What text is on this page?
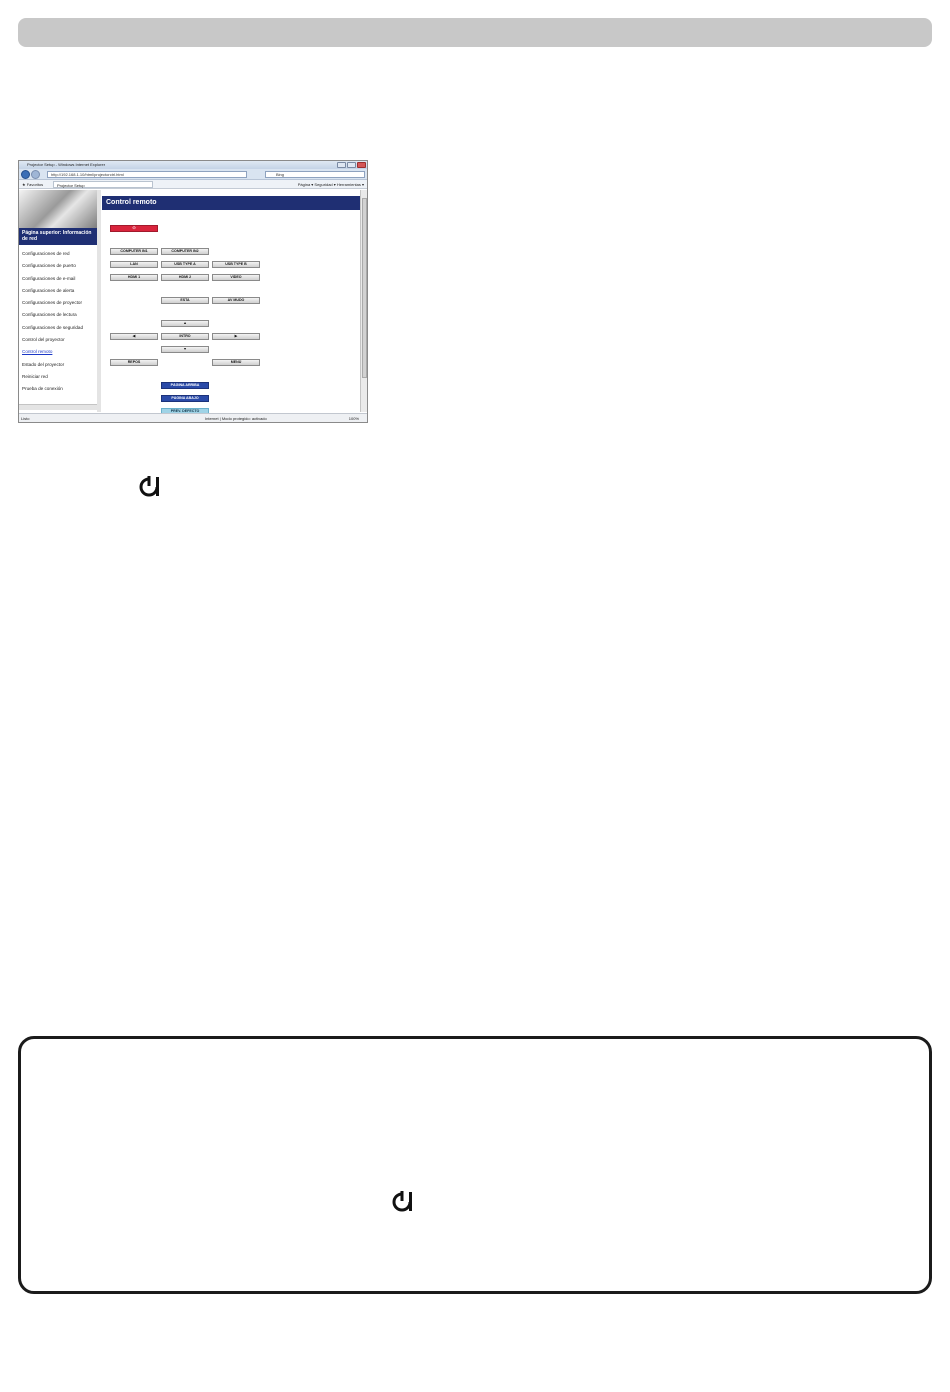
Projector Setup - Windows Internet Explorer
http://192.168.1.10/html/projectorctrl.html	Bing
★ Favoritos	Projector Setup	Página ▾ Seguridad ▾ Herramientas ▾
Página superior: Información de red
Configuraciones de red
Configuraciones de puerto
Configuraciones de e-mail
Configuraciones de alerta
Configuraciones de proyector
Configuraciones de lectura
Configuraciones de seguridad
Control del proyector
Control remoto
Estado del proyector
Reiniciar red
Prueba de conexión
Control remoto
⏻
COMPUTER IN1	COMPUTER IN2
LAN	USB TYPE A	USB TYPE B
HDMI 1	HDMI 2	VIDEO
ESTA	AV MUDO
▲
◀	INTRO	▶
▼
REPOS	MENÚ
PÁGINA ARRIBA
PÁGINA ABAJO
PREV. DEFECTO
Listo	Internet | Modo protegido: activado	100%
